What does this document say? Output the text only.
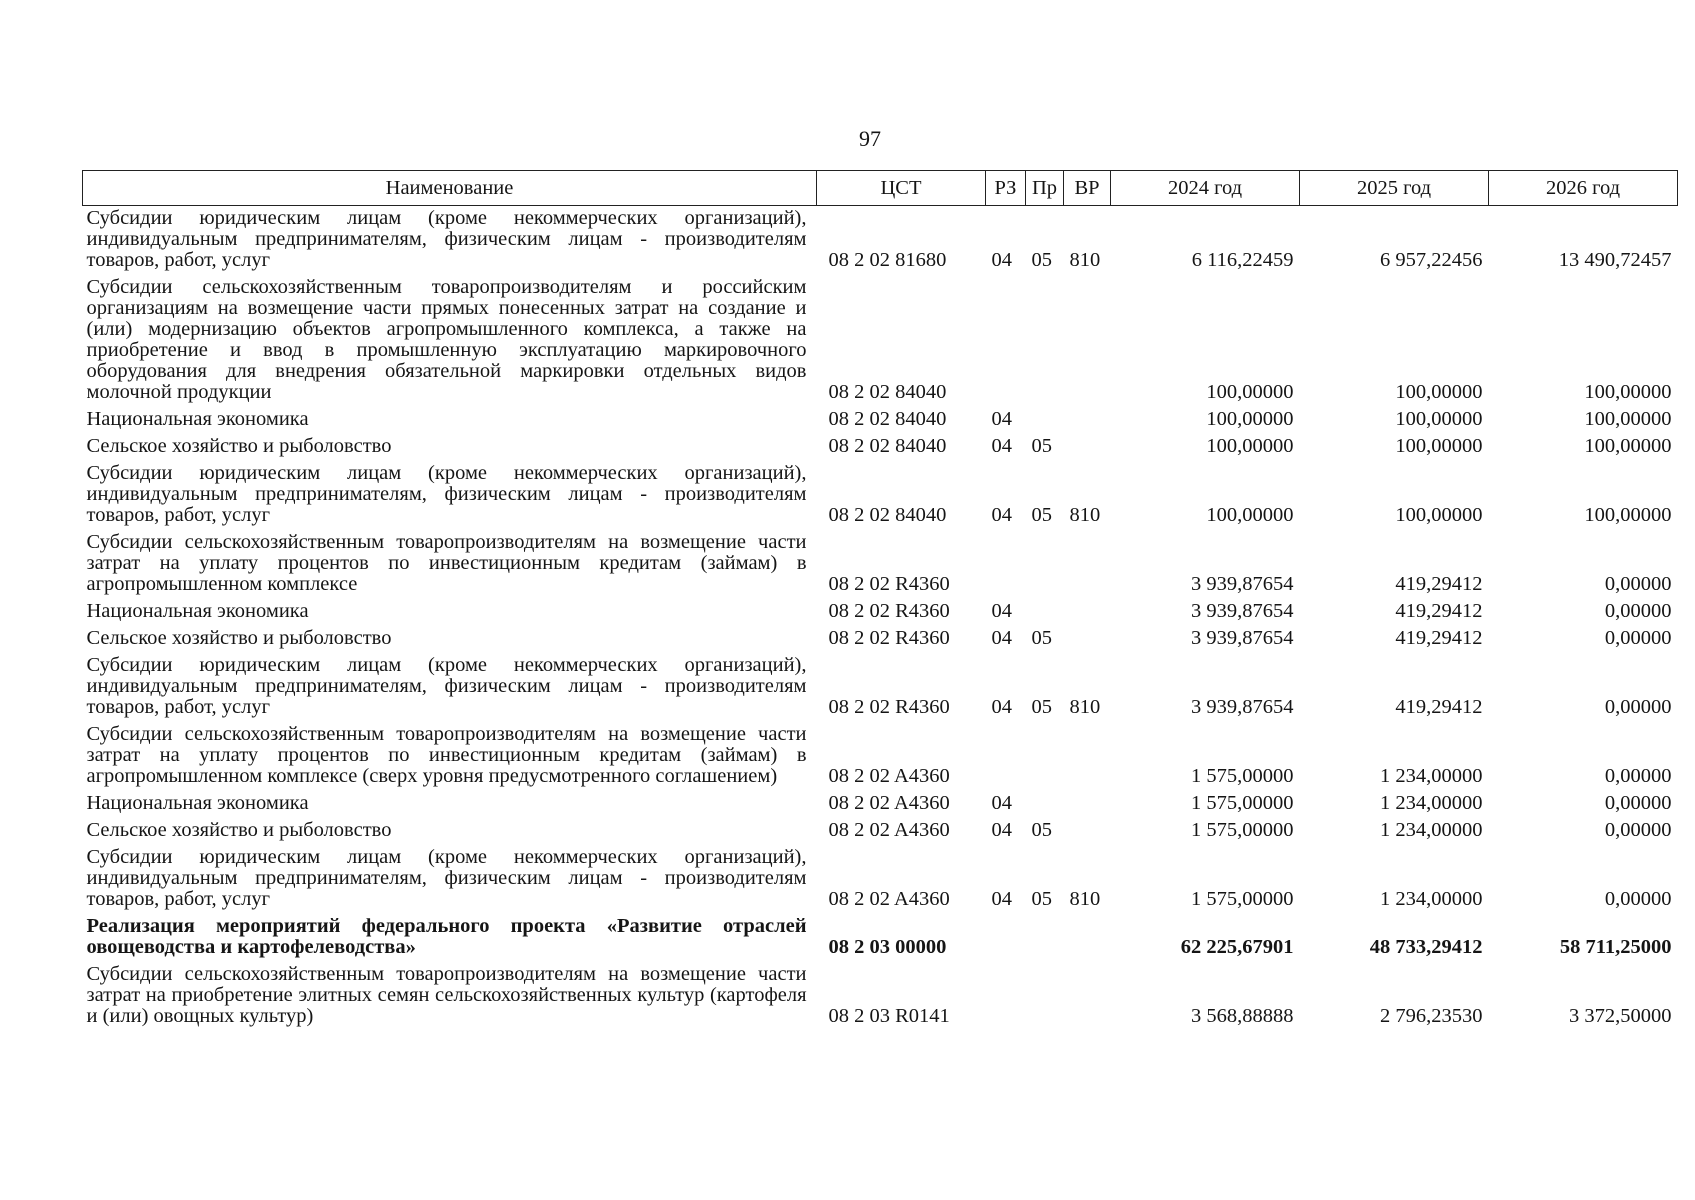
97
Наименование	ЦСТ	РЗ	Пр	ВР	2024 год	2025 год	2026 год
Субсидии юридическим лицам (кроме некоммерческих организаций), индивидуальным предпринимателям, физическим лицам - производителям товаров, работ, услуг	08 2 02 81680	04	05	810	6 116,22459	6 957,22456	13 490,72457
Субсидии сельскохозяйственным товаропроизводителям и российским организациям на возмещение части прямых понесенных затрат на создание и (или) модернизацию объектов агропромышленного комплекса, а также на приобретение и ввод в промышленную эксплуатацию маркировочного оборудования для внедрения обязательной маркировки отдельных видов молочной продукции	08 2 02 84040				100,00000	100,00000	100,00000
Национальная экономика	08 2 02 84040	04			100,00000	100,00000	100,00000
Сельское хозяйство и рыболовство	08 2 02 84040	04	05		100,00000	100,00000	100,00000
Субсидии юридическим лицам (кроме некоммерческих организаций), индивидуальным предпринимателям, физическим лицам - производителям товаров, работ, услуг	08 2 02 84040	04	05	810	100,00000	100,00000	100,00000
Субсидии сельскохозяйственным товаропроизводителям на возмещение части затрат на уплату процентов по инвестиционным кредитам (займам) в агропромышленном комплексе	08 2 02 R4360				3 939,87654	419,29412	0,00000
Национальная экономика	08 2 02 R4360	04			3 939,87654	419,29412	0,00000
Сельское хозяйство и рыболовство	08 2 02 R4360	04	05		3 939,87654	419,29412	0,00000
Субсидии юридическим лицам (кроме некоммерческих организаций), индивидуальным предпринимателям, физическим лицам - производителям товаров, работ, услуг	08 2 02 R4360	04	05	810	3 939,87654	419,29412	0,00000
Субсидии сельскохозяйственным товаропроизводителям на возмещение части затрат на уплату процентов по инвестиционным кредитам (займам) в агропромышленном комплексе (сверх уровня предусмотренного соглашением)	08 2 02 A4360				1 575,00000	1 234,00000	0,00000
Национальная экономика	08 2 02 A4360	04			1 575,00000	1 234,00000	0,00000
Сельское хозяйство и рыболовство	08 2 02 A4360	04	05		1 575,00000	1 234,00000	0,00000
Субсидии юридическим лицам (кроме некоммерческих организаций), индивидуальным предпринимателям, физическим лицам - производителям товаров, работ, услуг	08 2 02 A4360	04	05	810	1 575,00000	1 234,00000	0,00000
Реализация мероприятий федерального проекта «Развитие отраслей овощеводства и картофелеводства»	08 2 03 00000				62 225,67901	48 733,29412	58 711,25000
Субсидии сельскохозяйственным товаропроизводителям на возмещение части затрат на приобретение элитных семян сельскохозяйственных культур (картофеля и (или) овощных культур)	08 2 03 R0141				3 568,88888	2 796,23530	3 372,50000
